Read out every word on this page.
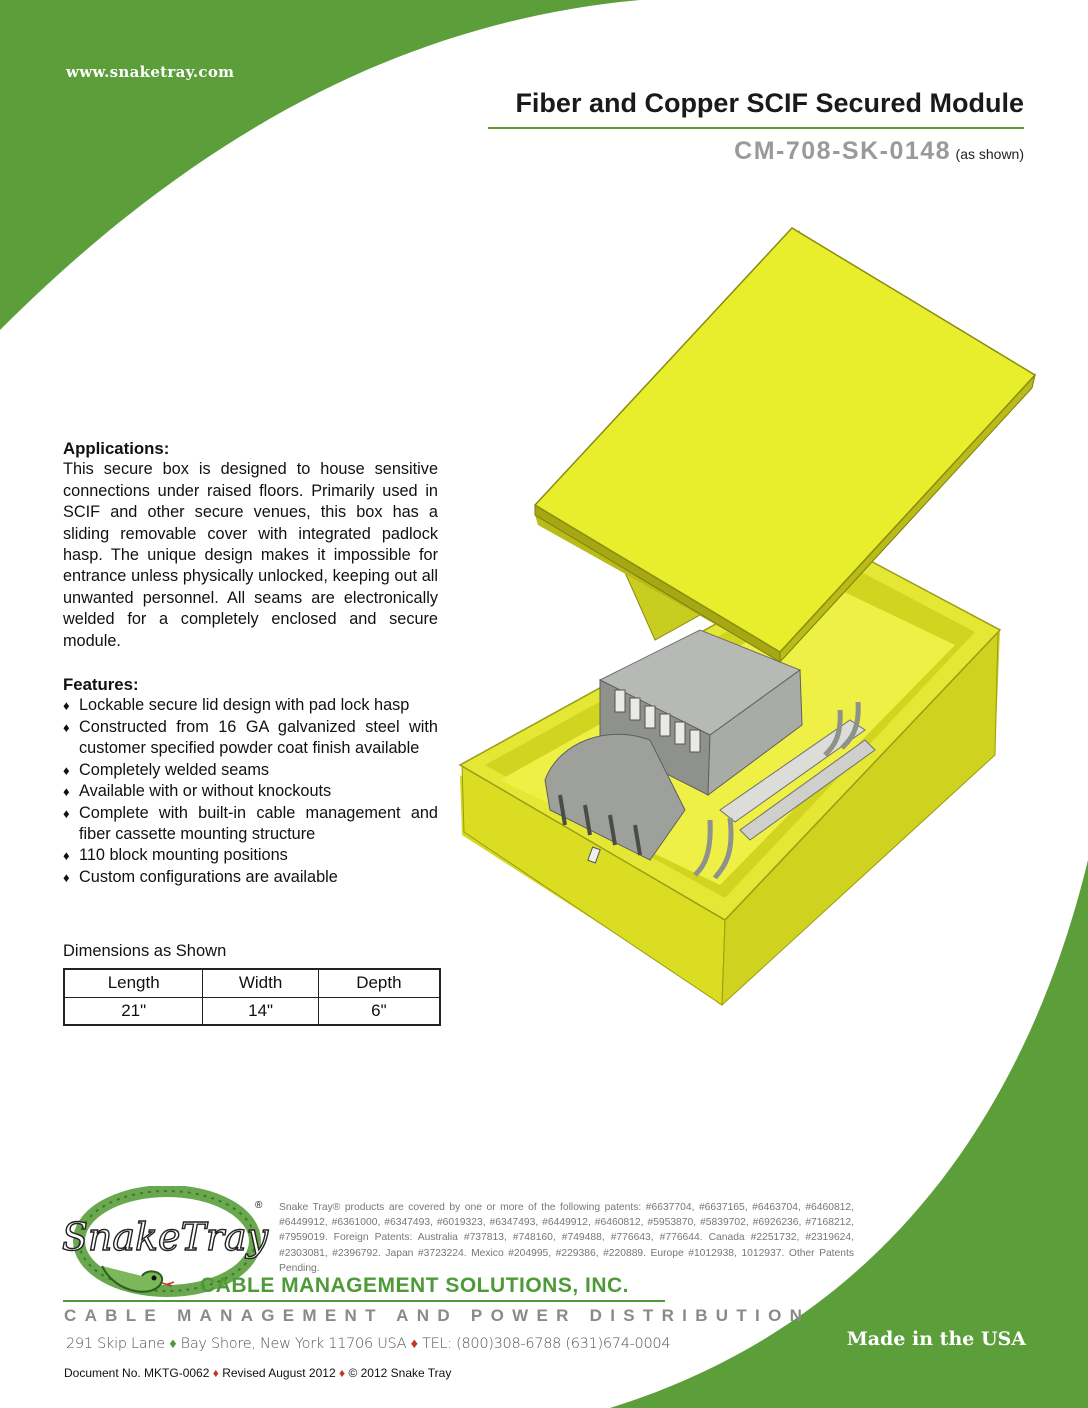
www.snaketray.com
Fiber and Copper SCIF Secured Module
CM-708-SK-0148 (as shown)
Applications:

This secure box is designed to house sensitive connections under raised floors. Primarily used in SCIF and other secure venues, this box has a sliding removable cover with integrated padlock hasp. The unique design makes it impossible for entrance unless physically unlocked, keeping out all unwanted personnel. All seams are electronically welded for a completely enclosed and secure module.

Features:
♦ Lockable secure lid design with pad lock hasp
♦ Constructed from 16 GA galvanized steel with customer specified powder coat finish available
♦ Completely welded seams
♦ Available with or without knockouts
♦ Complete with built-in cable management and fiber cassette mounting structure
♦ 110 block mounting positions
♦ Custom configurations are available
Dimensions as Shown
Length	Width	Depth
21"	14"	6"
SnakeTray
® Snake Tray® products are covered by one or more of the following patents: #6637704, #6637165, #6463704, #6460812, #6449912, #6361000, #6347493, #6019323, #6347493, #6449912, #6460812, #5953870, #5839702, #6926236, #7168212, #7959019. Foreign Patents: Australia #737813, #748160, #749488, #776643, #776644. Canada #2251732, #2319624, #2303081, #2396792. Japan #3723224. Mexico #204995, #229386, #220889. Europe #1012938, 1012937. Other Patents Pending.
CABLE MANAGEMENT SOLUTIONS, INC.
CABLE MANAGEMENT AND POWER DISTRIBUTION
291 Skip Lane ♦ Bay Shore, New York 11706 USA ♦ TEL: (800)308-6788 (631)674-0004
Document No. MKTG-0062 ♦ Revised August 2012 ♦ © 2012 Snake Tray
Made in the USA
